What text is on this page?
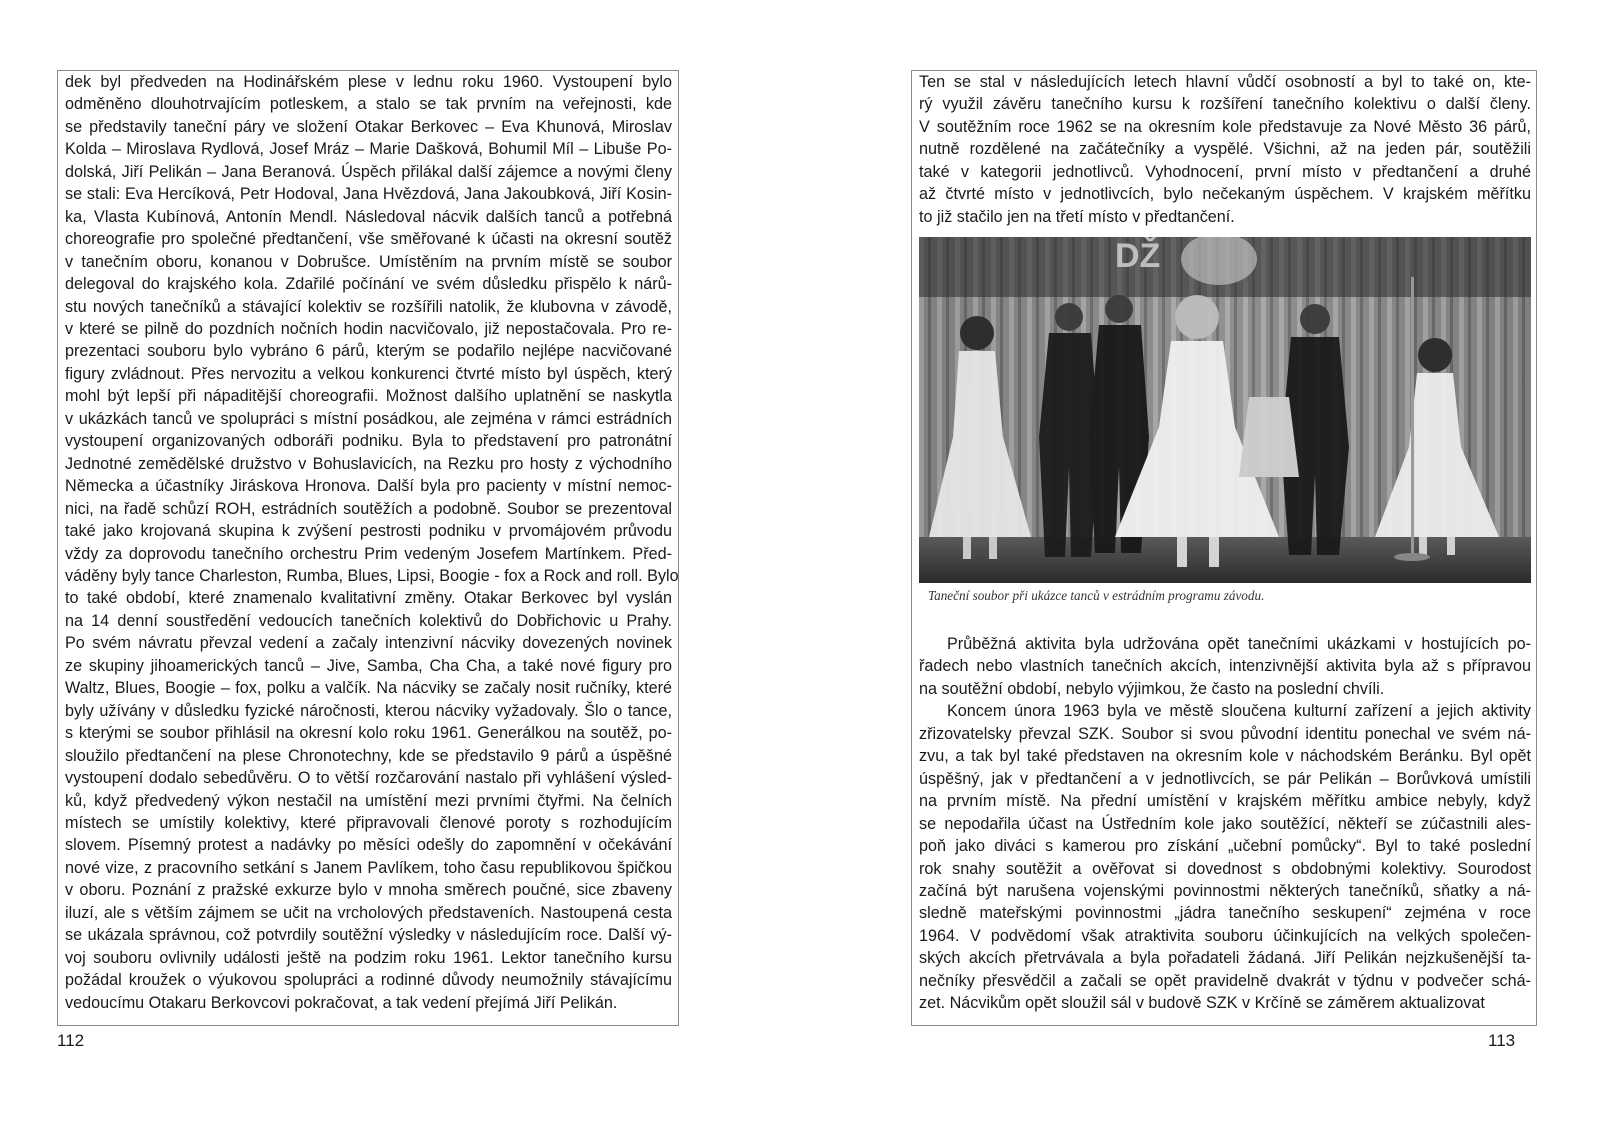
dek byl předveden na Hodinářském plese v lednu roku 1960. Vystoupení bylo
odměněno dlouhotrvajícím potleskem, a stalo se tak prvním na veřejnosti, kde
se představily taneční páry ve složení Otakar Berkovec – Eva Khunová, Miroslav
Kolda – Miroslava Rydlová, Josef Mráz – Marie Dašková, Bohumil Míl – Libuše Po-
dolská, Jiří Pelikán – Jana Beranová. Úspěch přilákal další zájemce a novými členy
se stali: Eva Hercíková, Petr Hodoval, Jana Hvězdová, Jana Jakoubková, Jiří Kosin-
ka, Vlasta Kubínová, Antonín Mendl. Následoval nácvik dalších tanců a potřebná
choreografie pro společné předtančení, vše směřované k účasti na okresní soutěž
v tanečním oboru, konanou v Dobrušce. Umístěním na prvním místě se soubor
delegoval do krajského kola. Zdařilé počínání ve svém důsledku přispělo k nárů-
stu nových tanečníků a stávající kolektiv se rozšířili natolik, že klubovna v závodě,
v které se pilně do pozdních nočních hodin nacvičovalo, již nepostačovala. Pro re-
prezentaci souboru bylo vybráno 6 párů, kterým se podařilo nejlépe nacvičované
figury zvládnout. Přes nervozitu a velkou konkurenci čtvrté místo byl úspěch, který
mohl být lepší při nápaditější choreografii. Možnost dalšího uplatnění se naskytla
v ukázkách tanců ve spolupráci s místní posádkou, ale zejména v rámci estrádních
vystoupení organizovaných odboráři podniku. Byla to představení pro patronátní
Jednotné zemědělské družstvo v Bohuslavicích, na Rezku pro hosty z východního
Německa a účastníky Jiráskova Hronova. Další byla pro pacienty v místní nemoc-
nici, na řadě schůzí ROH, estrádních soutěžích a podobně. Soubor se prezentoval
také jako krojovaná skupina k zvýšení pestrosti podniku v prvomájovém průvodu
vždy za doprovodu tanečního orchestru Prim vedeným Josefem Martínkem. Před-
váděny byly tance Charleston, Rumba, Blues, Lipsi, Boogie - fox a Rock and roll. Bylo
to také období, které znamenalo kvalitativní změny. Otakar Berkovec byl vyslán
na 14 denní soustředění vedoucích tanečních kolektivů do Dobřichovic u Prahy.
Po svém návratu převzal vedení a začaly intenzivní nácviky dovezených novinek
ze skupiny jihoamerických tanců – Jive, Samba, Cha Cha, a také nové figury pro
Waltz, Blues, Boogie – fox, polku a valčík. Na nácviky se začaly nosit ručníky, které
byly užívány v důsledku fyzické náročnosti, kterou nácviky vyžadovaly. Šlo o tance,
s kterými se soubor přihlásil na okresní kolo roku 1961. Generálkou na soutěž, po-
sloužilo předtančení na plese Chronotechny, kde se představilo 9 párů a úspěšné
vystoupení dodalo sebedůvěru. O to větší rozčarování nastalo při vyhlášení výsled-
ků, když předvedený výkon nestačil na umístění mezi prvními čtyřmi. Na čelních
místech se umístily kolektivy, které připravovali členové poroty s rozhodujícím
slovem. Písemný protest a nadávky po měsíci odešly do zapomnění v očekávání
nové vize, z pracovního setkání s Janem Pavlíkem, toho času republikovou špičkou
v oboru. Poznání z pražské exkurze bylo v mnoha směrech poučné, sice zbaveny
iluzí, ale s větším zájmem se učit na vrcholových představeních. Nastoupená cesta
se ukázala správnou, což potvrdily soutěžní výsledky v následujícím roce. Další vý-
voj souboru ovlivnily události ještě na podzim roku 1961. Lektor tanečního kursu
požádal kroužek o výukovou spolupráci a rodinné důvody neumožnily stávajícímu
vedoucímu Otakaru Berkovcovi pokračovat, a tak vedení přejímá Jiří Pelikán.
112
Ten se stal v následujících letech hlavní vůdčí osobností a byl to také on, kte-
rý využil závěru tanečního kursu k rozšíření tanečního kolektivu o další členy.
V soutěžním roce 1962 se na okresním kole představuje za Nové Město 36 párů,
nutně rozdělené na začátečníky a vyspělé. Všichni, až na jeden pár, soutěžili
také v kategorii jednotlivců. Vyhodnocení, první místo v předtančení a druhé
až čtvrté místo v jednotlivcích, bylo nečekaným úspěchem. V krajském měřítku
to již stačilo jen na třetí místo v předtančení.
DŽ
Taneční soubor při ukázce tanců v estrádním programu závodu.
Průběžná aktivita byla udržována opět tanečními ukázkami v hostujících po-
řadech nebo vlastních tanečních akcích, intenzivnější aktivita byla až s přípravou
na soutěžní období, nebylo výjimkou, že často na poslední chvíli.
Koncem února 1963 byla ve městě sloučena kulturní zařízení a jejich aktivity
zřizovatelsky převzal SZK. Soubor si svou původní identitu ponechal ve svém ná-
zvu, a tak byl také představen na okresním kole v náchodském Beránku. Byl opět
úspěšný, jak v předtančení a v jednotlivcích, se pár Pelikán – Borůvková umístili
na prvním místě. Na přední umístění v krajském měřítku ambice nebyly, když
se nepodařila účast na Ústředním kole jako soutěžící, někteří se zúčastnili ales-
poň jako diváci s kamerou pro získání „učební pomůcky“. Byl to také poslední
rok snahy soutěžit a ověřovat si dovednost s obdobnými kolektivy. Sourodost
začíná být narušena vojenskými povinnostmi některých tanečníků, sňatky a ná-
sledně mateřskými povinnostmi „jádra tanečního seskupení“ zejména v roce
1964. V podvědomí však atraktivita souboru účinkujících na velkých společen-
ských akcích přetrvávala a byla pořadateli žádaná. Jiří Pelikán nejzkušenější ta-
nečníky přesvědčil a začali se opět pravidelně dvakrát v týdnu v podvečer schá-
zet. Nácvikům opět sloužil sál v budově SZK v Krčíně se záměrem aktualizovat
113
